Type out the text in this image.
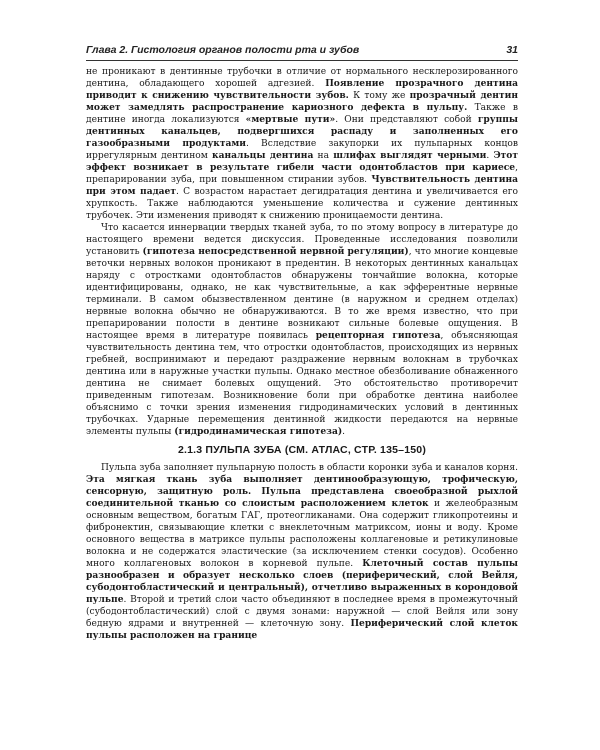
Глава 2. Гистология органов полости рта и зубов	31

не проникают в дентинные трубочки в отличие от нормального несклерозированного дентина, обладающего хорошей адгезией. Появление прозрачного дентина приводит к снижению чувствительности зубов. К тому же прозрачный дентин может замедлять распространение кариозного дефекта в пульпу. Также в дентине иногда локализуются «мертвые пути». Они представляют собой группы дентинных канальцев, подвергшихся распаду и заполненных его газообразными продуктами. Вследствие закупорки их пульпарных концов иррегулярным дентином канальцы дентина на шлифах выглядят черными. Этот эффект возникает в результате гибели части одонтобластов при кариесе, препарировании зуба, при повышенном стирании зубов. Чувствительность дентина при этом падает. С возрастом нарастает дегидратация дентина и увеличивается его хрупкость. Также наблюдаются уменьшение количества и сужение дентинных трубочек. Эти изменения приводят к снижению проницаемости дентина.

Что касается иннервации твердых тканей зуба, то по этому вопросу в литературе до настоящего времени ведется дискуссия. Проведенные исследования позволили установить (гипотеза непосредственной нервной регуляции), что многие концевые веточки нервных волокон проникают в предентин. В некоторых дентинных канальцах наряду с отростками одонтобластов обнаружены тончайшие волокна, которые идентифицированы, однако, не как чувствительные, а как эфферентные нервные терминали. В самом обызвествленном дентине (в наружном и среднем отделах) нервные волокна обычно не обнаруживаются. В то же время известно, что при препарировании полости в дентине возникают сильные болевые ощущения. В настоящее время в литературе появилась рецепторная гипотеза, объясняющая чувствительность дентина тем, что отростки одонтобластов, происходящих из нервных гребней, воспринимают и передают раздражение нервным волокнам в трубочках дентина или в наружные участки пульпы. Однако местное обезболивание обнаженного дентина не снимает болевых ощущений. Это обстоятельство противоречит приведенным гипотезам. Возникновение боли при обработке дентина наиболее объяснимо с точки зрения изменения гидродинамических условий в дентинных трубочках. Ударные перемещения дентинной жидкости передаются на нервные элементы пульпы (гидродинамическая гипотеза).

2.1.3 ПУЛЬПА ЗУБА (СМ. АТЛАС, СТР. 135–150)

Пульпа зуба заполняет пульпарную полость в области коронки зуба и каналов корня. Эта мягкая ткань зуба выполняет дентинообразующую, трофическую, сенсорную, защитную роль. Пульпа представлена своеобразной рыхлой соединительной тканью со слоистым расположением клеток и желеобразным основным веществом, богатым ГАГ, протеогликанами. Она содержит гликопротеины и фибронектин, связывающие клетки с внеклеточным матриксом, ионы и воду. Кроме основного вещества в матриксе пульпы расположены коллагеновые и ретикулиновые волокна и не содержатся эластические (за исключением стенки сосудов). Особенно много коллагеновых волокон в корневой пульпе. Клеточный состав пульпы разнообразен и образует несколько слоев (периферический, слой Вейля, субодонтобластический и центральный), отчетливо выраженных в корондовой пульпе. Второй и третий слои часто объединяют в последнее время в промежуточный (субодонтобластический) слой с двумя зонами: наружной — слой Вейля или зону бедную ядрами и внутренней — клеточную зону. Периферический слой клеток пульпы расположен на границе
